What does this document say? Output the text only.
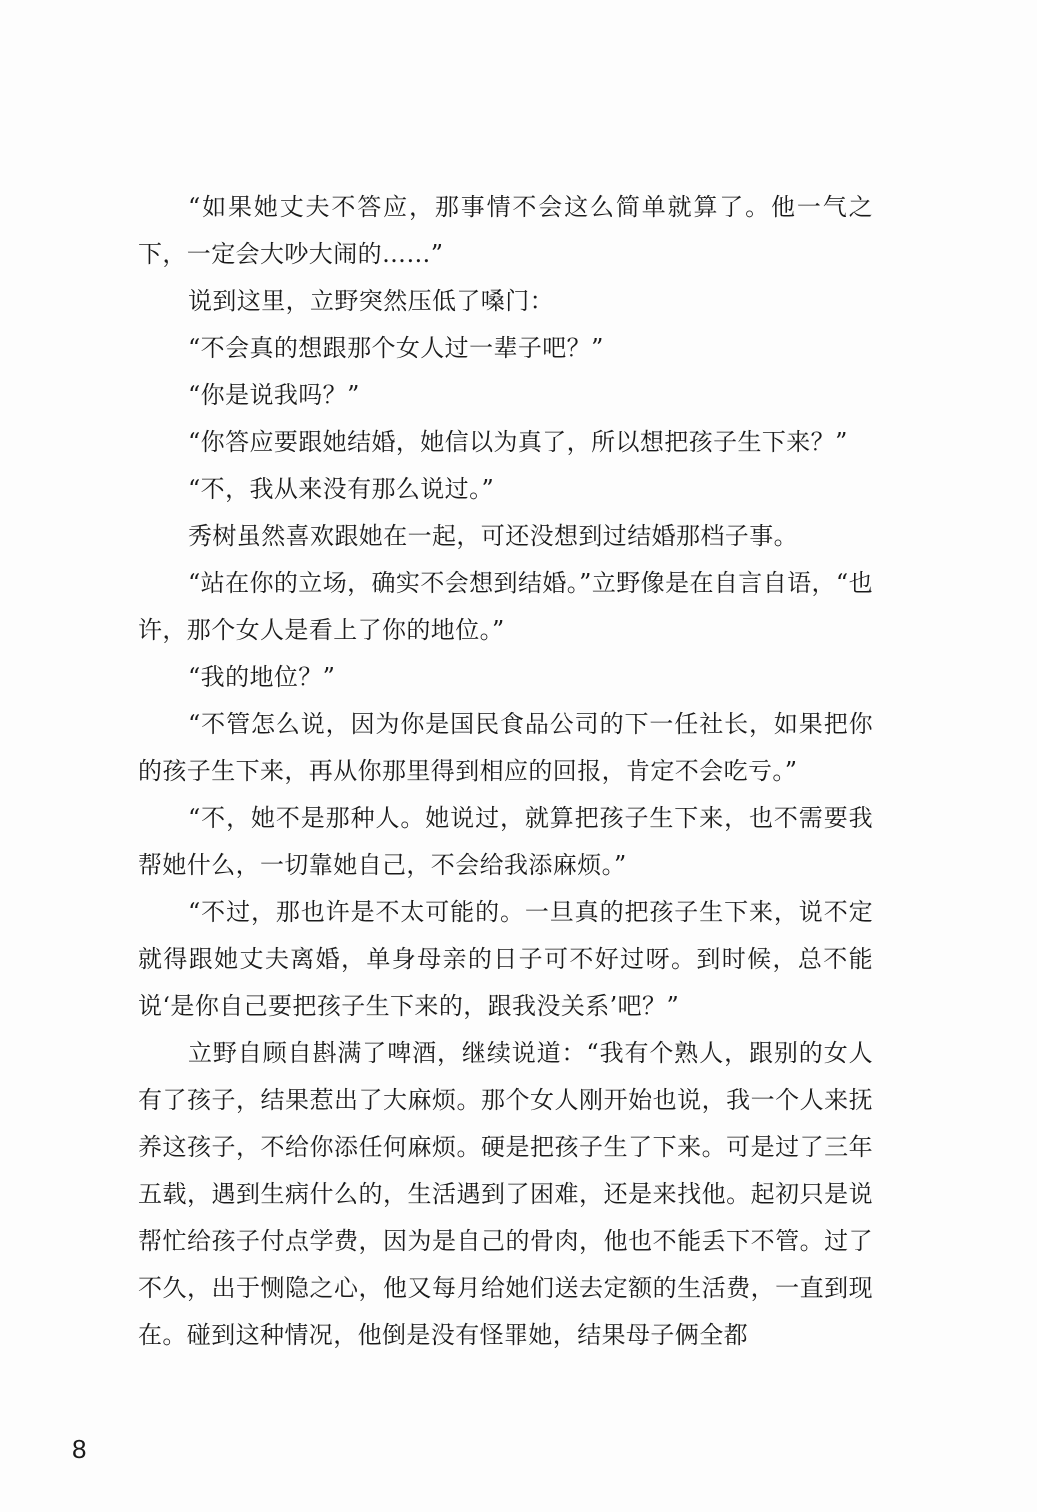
“如果她丈夫不答应，那事情不会这么简单就算了。他一气之下，一定会大吵大闹的……”

说到这里，立野突然压低了嗓门：

“不会真的想跟那个女人过一辈子吧？”

“你是说我吗？”

“你答应要跟她结婚，她信以为真了，所以想把孩子生下来？”

“不，我从来没有那么说过。”

秀树虽然喜欢跟她在一起，可还没想到过结婚那档子事。

“站在你的立场，确实不会想到结婚。”立野像是在自言自语，“也许，那个女人是看上了你的地位。”

“我的地位？”

“不管怎么说，因为你是国民食品公司的下一任社长，如果把你的孩子生下来，再从你那里得到相应的回报，肯定不会吃亏。”

“不，她不是那种人。她说过，就算把孩子生下来，也不需要我帮她什么，一切靠她自己，不会给我添麻烦。”

“不过，那也许是不太可能的。一旦真的把孩子生下来，说不定就得跟她丈夫离婚，单身母亲的日子可不好过呀。到时候，总不能说‘是你自己要把孩子生下来的，跟我没关系’吧？”

立野自顾自斟满了啤酒，继续说道：“我有个熟人，跟别的女人有了孩子，结果惹出了大麻烦。那个女人刚开始也说，我一个人来抚养这孩子，不给你添任何麻烦。硬是把孩子生了下来。可是过了三年五载，遇到生病什么的，生活遇到了困难，还是来找他。起初只是说帮忙给孩子付点学费，因为是自己的骨肉，他也不能丢下不管。过了不久，出于恻隐之心，他又每月给她们送去定额的生活费，一直到现在。碰到这种情况，他倒是没有怪罪她，结果母子俩全都

8
